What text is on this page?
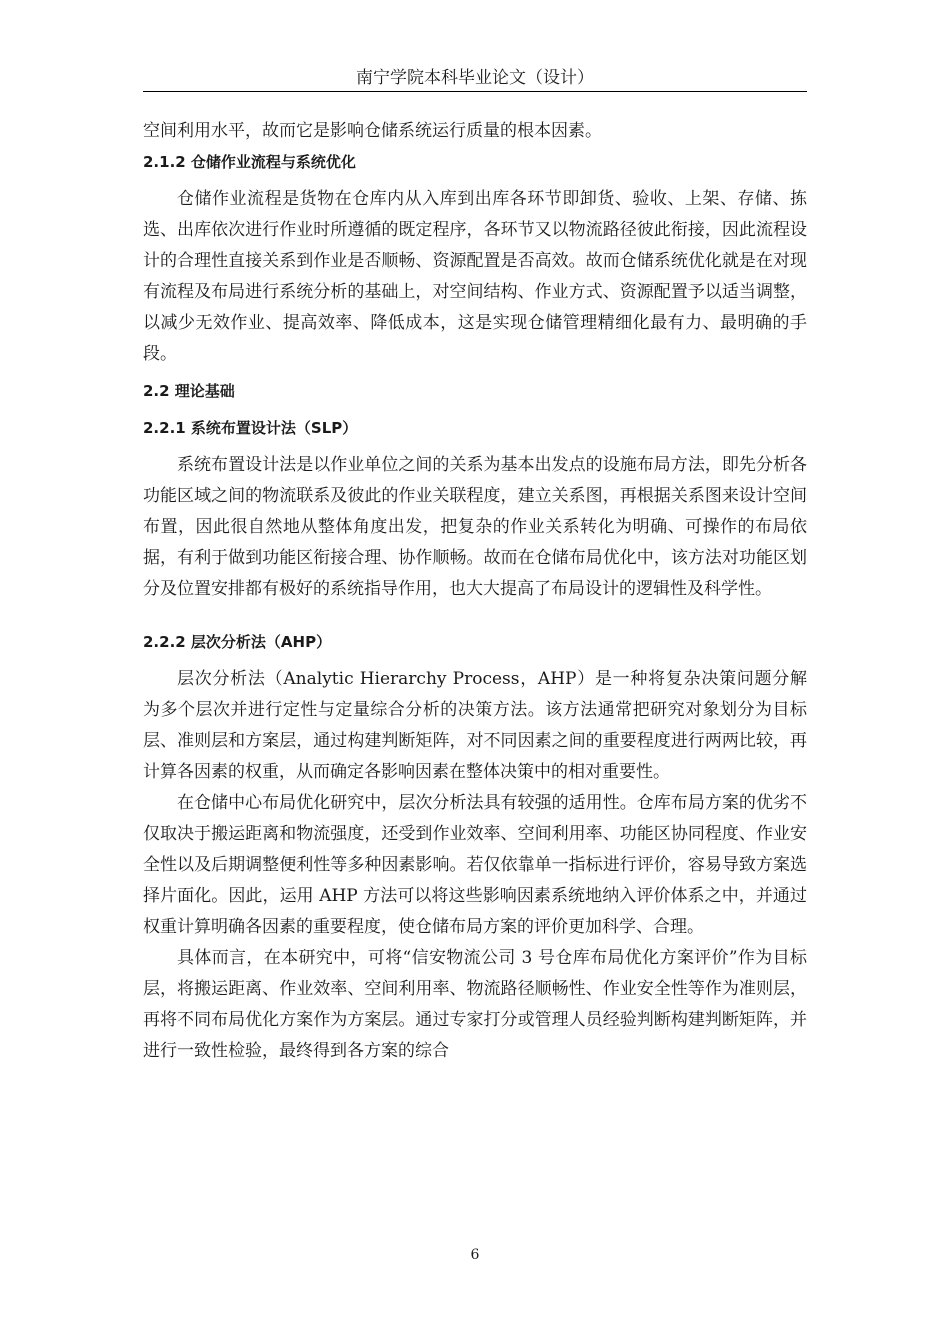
南宁学院本科毕业论文（设计）

空间利用水平，故而它是影响仓储系统运行质量的根本因素。

2.1.2 仓储作业流程与系统优化

仓储作业流程是货物在仓库内从入库到出库各环节即卸货、验收、上架、存储、拣选、出库依次进行作业时所遵循的既定程序，各环节又以物流路径彼此衔接，因此流程设计的合理性直接关系到作业是否顺畅、资源配置是否高效。故而仓储系统优化就是在对现有流程及布局进行系统分析的基础上，对空间结构、作业方式、资源配置予以适当调整，以减少无效作业、提高效率、降低成本，这是实现仓储管理精细化最有力、最明确的手段。

2.2 理论基础
2.2.1 系统布置设计法（SLP）

系统布置设计法是以作业单位之间的关系为基本出发点的设施布局方法，即先分析各功能区域之间的物流联系及彼此的作业关联程度，建立关系图，再根据关系图来设计空间布置，因此很自然地从整体角度出发，把复杂的作业关系转化为明确、可操作的布局依据，有利于做到功能区衔接合理、协作顺畅。故而在仓储布局优化中，该方法对功能区划分及位置安排都有极好的系统指导作用，也大大提高了布局设计的逻辑性及科学性。

2.2.2 层次分析法（AHP）

层次分析法（Analytic Hierarchy Process，AHP）是一种将复杂决策问题分解为多个层次并进行定性与定量综合分析的决策方法。该方法通常把研究对象划分为目标层、准则层和方案层，通过构建判断矩阵，对不同因素之间的重要程度进行两两比较，再计算各因素的权重，从而确定各影响因素在整体决策中的相对重要性。

在仓储中心布局优化研究中，层次分析法具有较强的适用性。仓库布局方案的优劣不仅取决于搬运距离和物流强度，还受到作业效率、空间利用率、功能区协同程度、作业安全性以及后期调整便利性等多种因素影响。若仅依靠单一指标进行评价，容易导致方案选择片面化。因此，运用 AHP 方法可以将这些影响因素系统地纳入评价体系之中，并通过权重计算明确各因素的重要程度，使仓储布局方案的评价更加科学、合理。

具体而言，在本研究中，可将“信安物流公司 3 号仓库布局优化方案评价”作为目标层，将搬运距离、作业效率、空间利用率、物流路径顺畅性、作业安全性等作为准则层，再将不同布局优化方案作为方案层。通过专家打分或管理人员经验判断构建判断矩阵，并进行一致性检验，最终得到各方案的综合

6
